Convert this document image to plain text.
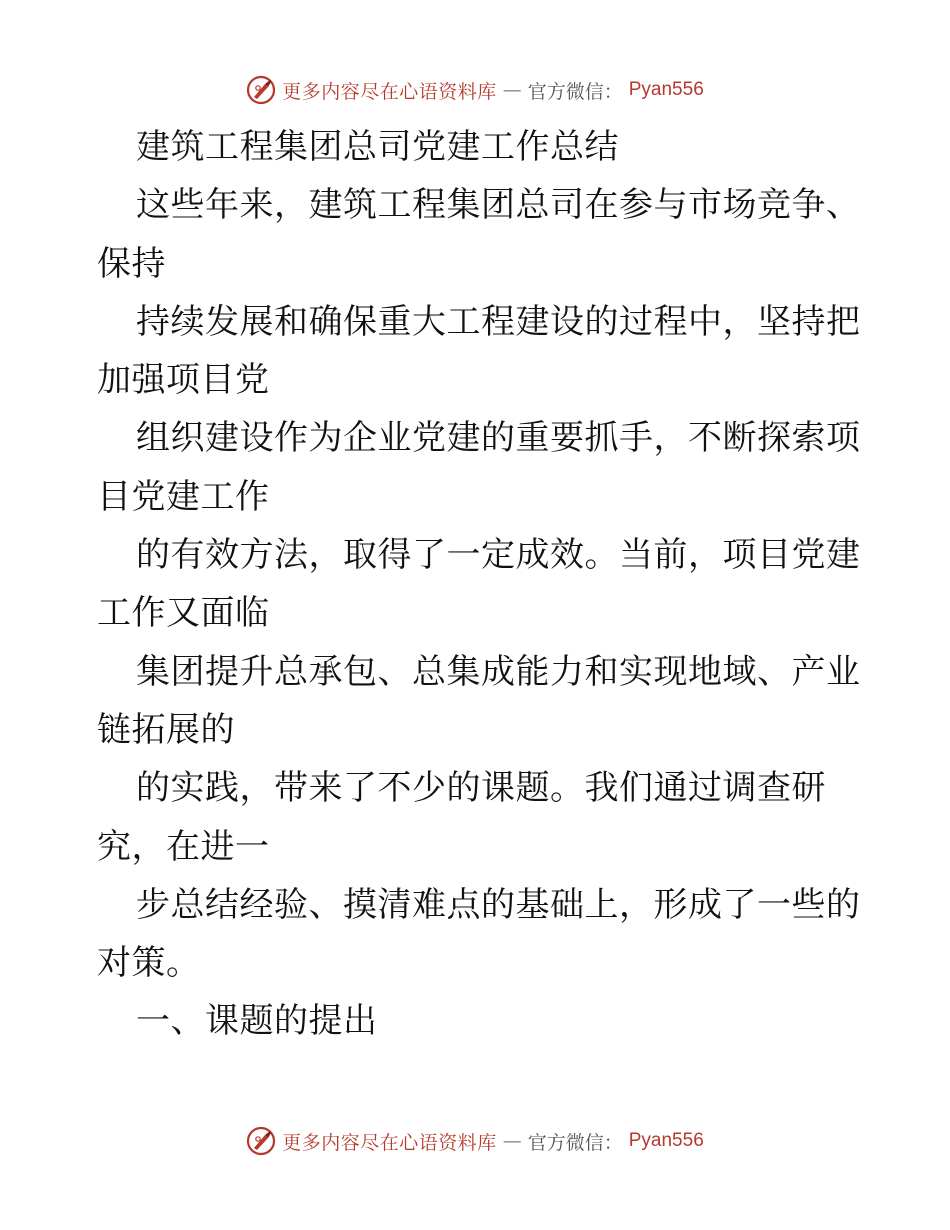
更多内容尽在心语资料库 — 官方微信： Pyan556
建筑工程集团总司党建工作总结
这些年来，建筑工程集团总司在参与市场竞争、
保持
持续发展和确保重大工程建设的过程中，坚持把
加强项目党
组织建设作为企业党建的重要抓手，不断探索项
目党建工作
的有效方法，取得了一定成效。当前，项目党建
工作又面临
集团提升总承包、总集成能力和实现地域、产业
链拓展的
的实践，带来了不少的课题。我们通过调查研
究，在进一
步总结经验、摸清难点的基础上，形成了一些的
对策。
一、课题的提出
更多内容尽在心语资料库 — 官方微信： Pyan556
